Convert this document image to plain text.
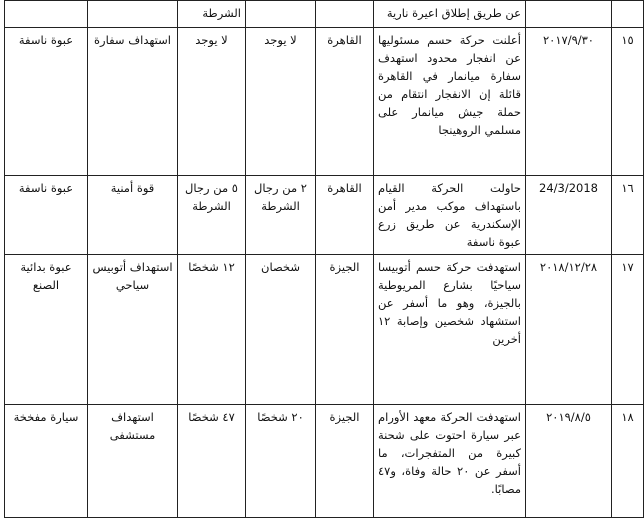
		عن طريق إطلاق اعيرة نارية			الشرطة		
١٥	٢٠١٧/٩/٣٠	أعلنت حركة حسم مسئوليها عن انفجار محدود استهدف سفارة ميانمار في القاهرة قائلة إن الانفجار انتقام من حملة جيش ميانمار على مسلمي الروهينجا	القاهرة	لا يوجد	لا يوجد	استهداف سفارة	عبوة ناسفة
١٦	24/3/2018	حاولت الحركة القيام باستهداف موكب مدير أمن الإسكندرية عن طريق زرع عبوة ناسفة	القاهرة	٢ من رجال الشرطة	٥ من رجال الشرطة	قوة أمنية	عبوة ناسفة
١٧	٢٠١٨/١٢/٢٨	استهدفت حركة حسم أتوبيسا سياحيًا بشارع المريوطية بالجيزة، وهو ما أسفر عن استشهاد شخصين وإصابة ١٢ أخرين	الجيزة	شخصان	١٢ شخصًا	استهداف أتوبيس سياحي	عبوة بدائية الصنع
١٨	٢٠١٩/٨/٥	استهدفت الحركة معهد الأورام عبر سيارة احتوت على شحنة كبيرة من المتفجرات، ما أسفر عن ٢٠ حالة وفاة، و٤٧ مصابًا.	الجيزة	٢٠ شخصًا	٤٧ شخصًا	استهداف مستشفى	سيارة مفخخة
